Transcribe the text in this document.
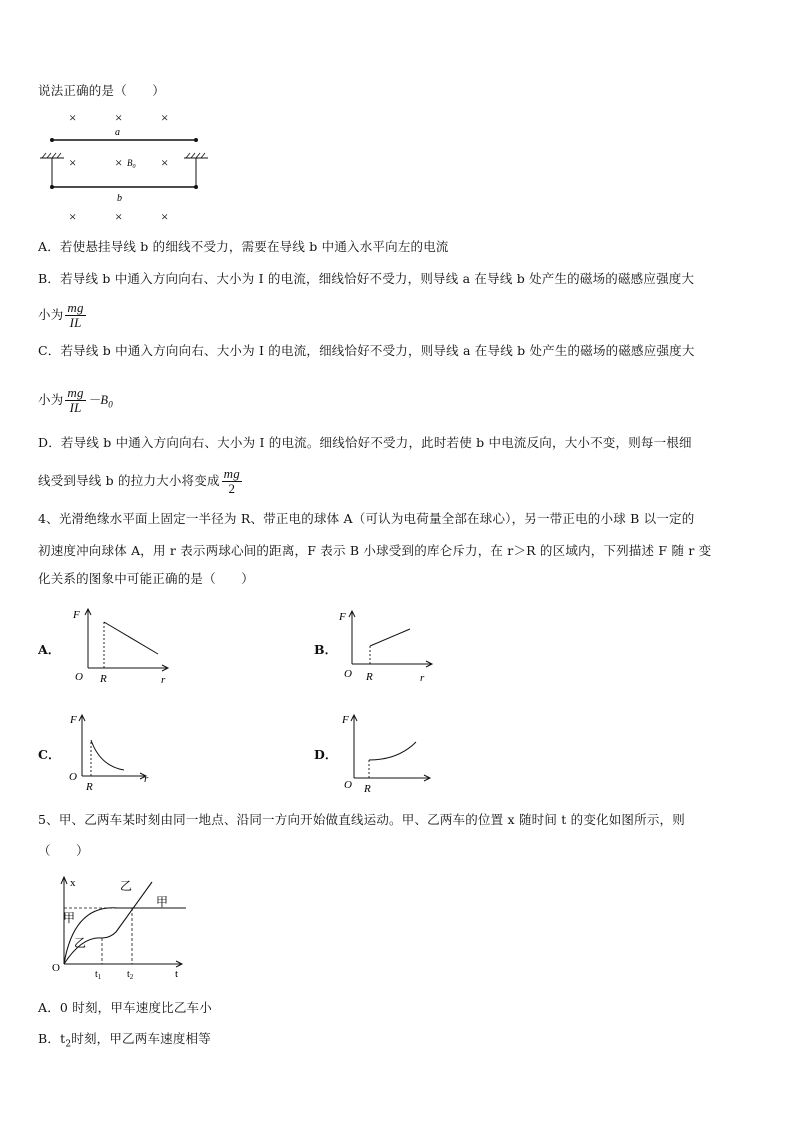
说法正确的是（　　）
×	×	×
a
×	× $B_0$ ×
b
×	×	×
A．若使悬挂导线 b 的细线不受力，需要在导线 b 中通入水平向左的电流
B．若导线 b 中通入方向向右、大小为 I 的电流，细线恰好不受力，则导线 a 在导线 b 处产生的磁场的磁感应强度大
小为 $\frac{mg}{IL}$
C．若导线 b 中通入方向向右、大小为 I 的电流，细线恰好不受力，则导线 a 在导线 b 处产生的磁场的磁感应强度大
小为 $\frac{mg}{IL} -B_0$
D．若导线 b 中通入方向向右、大小为 I 的电流。细线恰好不受力，此时若使 b 中电流反向，大小不变，则每一根细
线受到导线 b 的拉力大小将变成 $\frac{mg}{2}$
4、光滑绝缘水平面上固定一半径为 R、带正电的球体 A（可认为电荷量全部在球心），另一带正电的小球 B 以一定的
初速度冲向球体 A，用 r 表示两球心间的距离，F 表示 B 小球受到的库仑斥力，在 r＞R 的区域内，下列描述 F 随 r 变
化关系的图象中可能正确的是（　　）
A．
F
O R	r
B．
F
O R	r
C．
F
O
R
r
D．
F
O R
5、甲、乙两车某时刻由同一地点、沿同一方向开始做直线运动。甲、乙两车的位置 x 随时间 t 的变化如图所示，则
（　　）
x
t
O
甲
乙
乙
甲
$t_1$	$t_2$
A．0 时刻，甲车速度比乙车小
B．$t_2$时刻，甲乙两车速度相等
